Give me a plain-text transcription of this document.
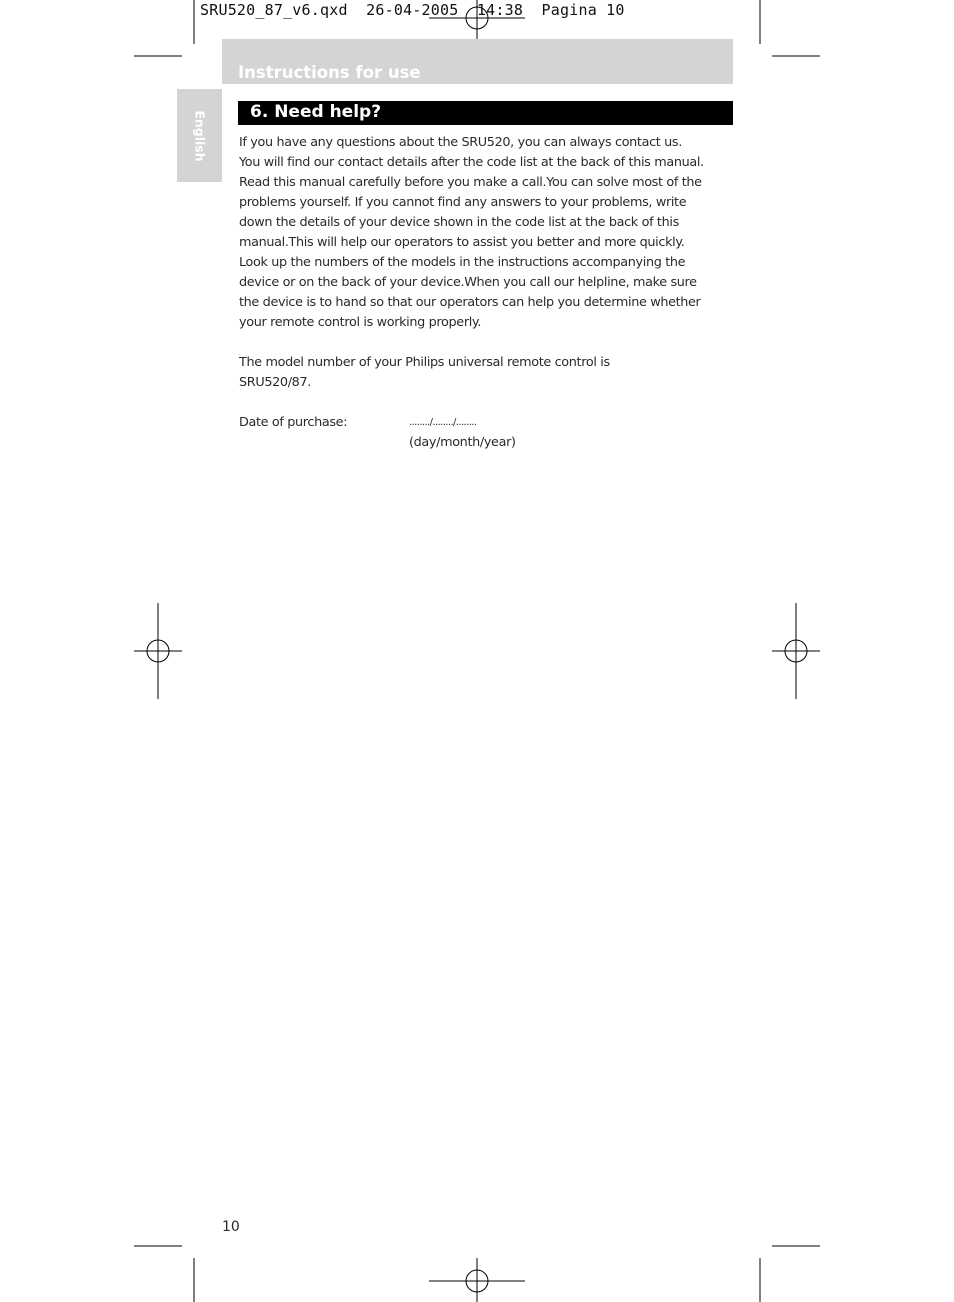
SRU520_87_v6.qxd  26-04-2005  14:38  Pagina 10
Instructions for use
English	6. Need help?
If you have any questions about the SRU520, you can always contact us.
You will find our contact details after the code list at the back of this manual.
Read this manual carefully before you make a call.You can solve most of the
problems yourself. If you cannot find any answers to your problems, write
down the details of your device shown in the code list at the back of this
manual.This will help our operators to assist you better and more quickly.
Look up the numbers of the models in the instructions accompanying the
device or on the back of your device.When you call our helpline, make sure
the device is to hand so that our operators can help you determine whether
your remote control is working properly.
The model number of your Philips universal remote control is
SRU520/87.
Date of purchase:	......../......../........
(day/month/year)
10
